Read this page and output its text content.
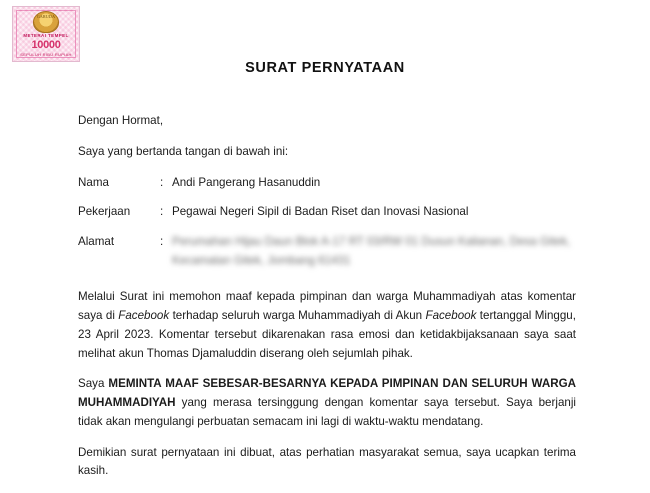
GARUDA
METERAI TEMPEL
10000
SEPULUH RIBU RUPIAH
SURAT PERNYATAAN

Dengan Hormat,

Saya yang bertanda tangan di bawah ini:

Nama	: Andi Pangerang Hasanuddin
Pekerjaan	: Pegawai Negeri Sipil di Badan Riset dan Inovasi Nasional
Alamat	: Perumahan Hijau Daun Blok A-17 RT 03/RW 01 Dusun Kalianan, Desa Gitek, Kecamatan Gitek, Jombang 61431

Melalui Surat ini memohon maaf kepada pimpinan dan warga Muhammadiyah atas komentar saya di Facebook terhadap seluruh warga Muhammadiyah di Akun Facebook tertanggal Minggu, 23 April 2023. Komentar tersebut dikarenakan rasa emosi dan ketidakbijaksanaan saya saat melihat akun Thomas Djamaluddin diserang oleh sejumlah pihak.

Saya MEMINTA MAAF SEBESAR-BESARNYA KEPADA PIMPINAN DAN SELURUH WARGA MUHAMMADIYAH yang merasa tersinggung dengan komentar saya tersebut. Saya berjanji tidak akan mengulangi perbuatan semacam ini lagi di waktu-waktu mendatang.

Demikian surat pernyataan ini dibuat, atas perhatian masyarakat semua, saya ucapkan terima kasih.
